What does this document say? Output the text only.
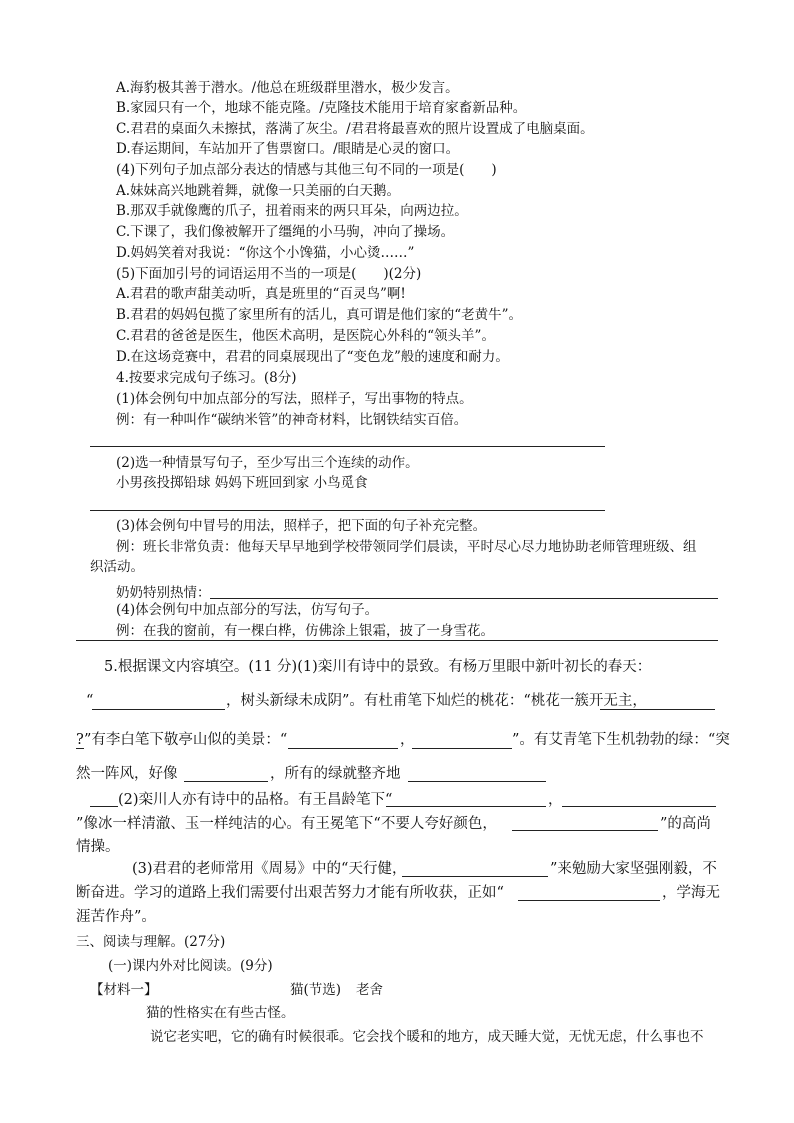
A.海豹极其善于潜水。/他总在班级群里潜水，极少发言。
B.家园只有一个，地球不能克隆。/克隆技术能用于培育家畜新品种。
C.君君的桌面久未擦拭，落满了灰尘。/君君将最喜欢的照片设置成了电脑桌面。
D.春运期间，车站加开了售票窗口。/眼睛是心灵的窗口。
(4)下列句子加点部分表达的情感与其他三句不同的一项是(　　)
A.妹妹高兴地跳着舞，就像一只美丽的白天鹅。
B.那双手就像鹰的爪子，扭着雨来的两只耳朵，向两边拉。
C.下课了，我们像被解开了缰绳的小马驹，冲向了操场。
D.妈妈笑着对我说：“你这个小馋猫，小心烫……”
(5)下面加引号的词语运用不当的一项是(　　)(2分)
A.君君的歌声甜美动听，真是班里的“百灵鸟”啊!
B.君君的妈妈包揽了家里所有的活儿，真可谓是他们家的“老黄牛”。
C.君君的爸爸是医生，他医术高明，是医院心外科的“领头羊”。
D.在这场竞赛中，君君的同桌展现出了“变色龙”般的速度和耐力。
4.按要求完成句子练习。(8分)
(1)体会例句中加点部分的写法，照样子，写出事物的特点。
例：有一种叫作“碳纳米管”的神奇材料，比钢铁结实百倍。
(2)选一种情景写句子，至少写出三个连续的动作。
小男孩投掷铅球 妈妈下班回到家 小鸟觅食
(3)体会例句中冒号的用法，照样子，把下面的句子补充完整。
例：班长非常负责：他每天早早地到学校带领同学们晨读，平时尽心尽力地协助老师管理班级、组
织活动。
奶奶特别热情：
(4)体会例句中加点部分的写法，仿写句子。
例：在我的窗前，有一棵白桦，仿佛涂上银霜，披了一身雪花。
5.根据课文内容填空。(11 分)(1)栾川有诗中的景致。有杨万里眼中新叶初长的春天：
“	，树头新绿未成阴”。有杜甫笔下灿烂的桃花：“桃花一簇开无主，
? ”有李白笔下敬亭山似的美景：“	，	”。有艾青笔下生机勃勃的绿：“突
然一阵风，好像	，所有的绿就整齐地
(2)栾川人亦有诗中的品格。有王昌龄笔下“	，
”像冰一样清澈、玉一样纯洁的心。有王冕笔下“不要人夸好颜色，	”的高尚
情操。
(3)君君的老师常用《周易》中的“天行健，	”来勉励大家坚强刚毅，不
断奋进。学习的道路上我们需要付出艰苦努力才能有所收获，正如“	，学海无
涯苦作舟”。
三、阅读与理解。(27分)
(一)课内外对比阅读。(9分)
【材料一】	猫(节选) 老舍
猫的性格实在有些古怪。
说它老实吧，它的确有时候很乖。它会找个暖和的地方，成天睡大觉，无忧无虑，什么事也不
